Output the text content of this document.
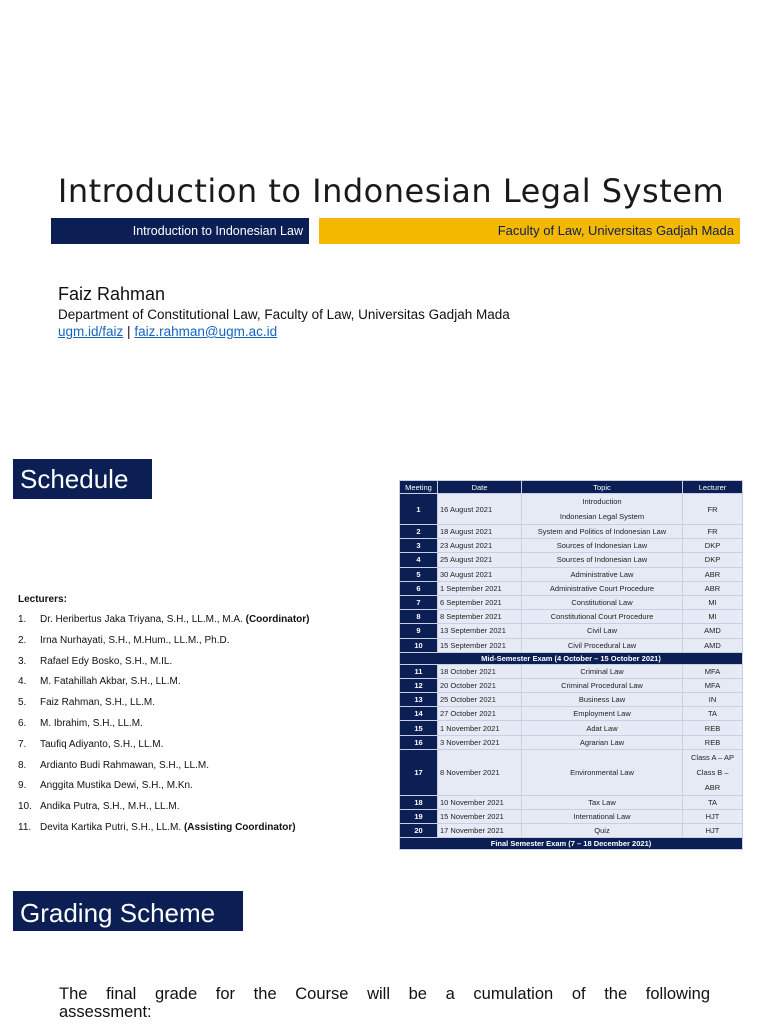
Introduction to Indonesian Legal System
Introduction to Indonesian Law	Faculty of Law, Universitas Gadjah Mada
Faiz Rahman
Department of Constitutional Law, Faculty of Law, Universitas Gadjah Mada
ugm.id/faiz | faiz.rahman@ugm.ac.id
Schedule
Lecturers:
1. Dr. Heribertus Jaka Triyana, S.H., LL.M., M.A. (Coordinator)
2. Irna Nurhayati, S.H., M.Hum., LL.M., Ph.D.
3. Rafael Edy Bosko, S.H., M.IL.
4. M. Fatahillah Akbar, S.H., LL.M.
5. Faiz Rahman, S.H., LL.M.
6. M. Ibrahim, S.H., LL.M.
7. Taufiq Adiyanto, S.H., LL.M.
8. Ardianto Budi Rahmawan, S.H., LL.M.
9. Anggita Mustika Dewi, S.H., M.Kn.
10. Andika Putra, S.H., M.H., LL.M.
11. Devita Kartika Putri, S.H., LL.M. (Assisting Coordinator)
Meeting	Date	Topic	Lecturer
1	16 August 2021	Introduction
Indonesian Legal System	FR

2	18 August 2021	System and Politics of Indonesian Law	FR

3	23 August 2021	Sources of Indonesian Law	DKP

4	25 August 2021	Sources of Indonesian Law	DKP

5	30 August 2021	Administrative Law	ABR

6	1 September 2021	Administrative Court Procedure	ABR

7	6 September 2021	Constitutional Law	MI

8	8 September 2021	Constitutional Court Procedure	MI

9	13 September 2021	Civil Law	AMD

10	15 September 2021	Civil Procedural Law	AMD

Mid-Semester Exam (4 October – 15 October 2021)			
11	18 October 2021	Criminal Law	MFA

12	20 October 2021	Criminal Procedural Law	MFA

13	25 October 2021	Business Law	IN

14	27 October 2021	Employment Law	TA

15	1 November 2021	Adat Law	REB

16	3 November 2021	Agrarian Law	REB

17	8 November 2021	Environmental Law	Class A – AP
Class B –
ABR

18	10 November 2021	Tax Law	TA

19	15 November 2021	International Law	HJT

20	17 November 2021	Quiz	HJT

Final Semester Exam (7 – 18 December 2021)			
Grading Scheme
The final grade for the Course will be a cumulation of the following
assessment:
